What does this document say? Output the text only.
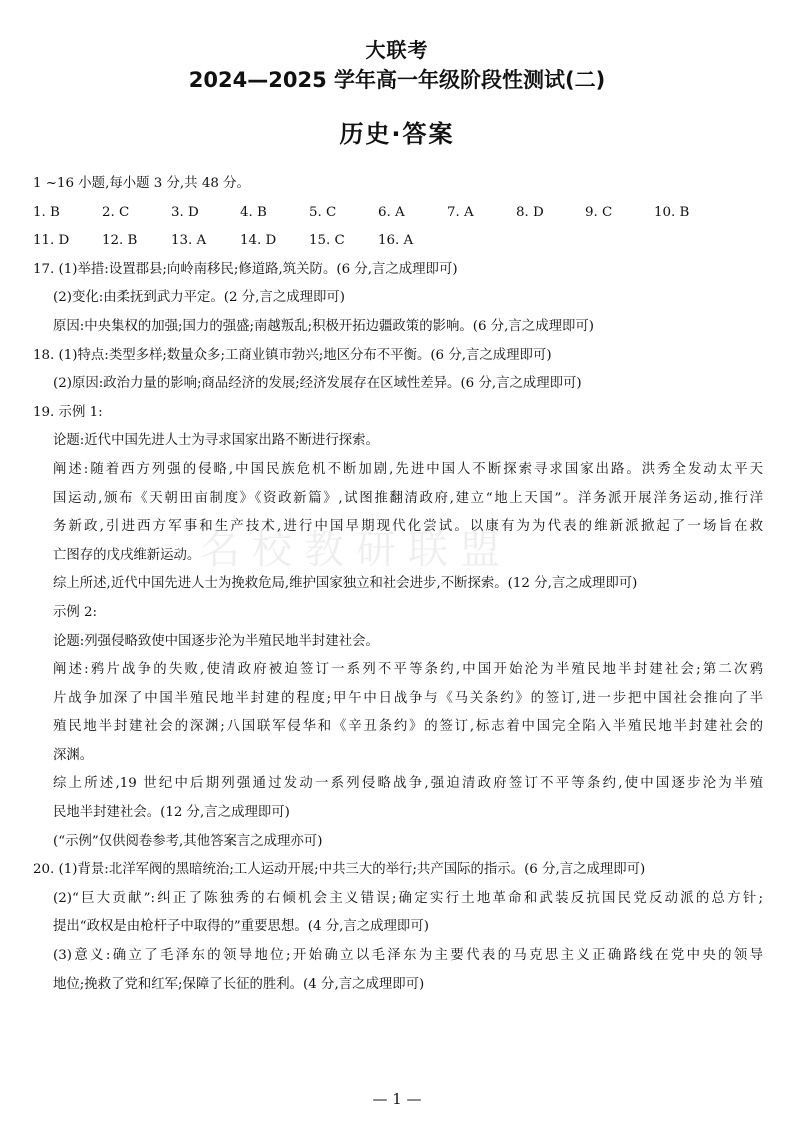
大联考
2024—2025 学年高一年级阶段性测试(二)
历史·答案
名校教研联盟
1 ~16 小题,每小题 3 分,共 48 分。
1. B	2. C	3. D	4. B	5. C	6. A	7. A	8. D	9. C	10. B
11. D	12. B	13. A	14. D	15. C	16. A
17. (1)举措:设置郡县;向岭南移民;修道路,筑关防。(6 分,言之成理即可)
(2)变化:由柔抚到武力平定。(2 分,言之成理即可)
原因:中央集权的加强;国力的强盛;南越叛乱;积极开拓边疆政策的影响。(6 分,言之成理即可)
18. (1)特点:类型多样;数量众多;工商业镇市勃兴;地区分布不平衡。(6 分,言之成理即可)
(2)原因:政治力量的影响;商品经济的发展;经济发展存在区域性差异。(6 分,言之成理即可)
19. 示例 1:
论题:近代中国先进人士为寻求国家出路不断进行探索。
阐述:随着西方列强的侵略,中国民族危机不断加剧,先进中国人不断探索寻求国家出路。洪秀全发动太平天
国运动,颁布《天朝田亩制度》《资政新篇》,试图推翻清政府,建立“地上天国”。洋务派开展洋务运动,推行洋
务新政,引进西方军事和生产技术,进行中国早期现代化尝试。以康有为为代表的维新派掀起了一场旨在救
亡图存的戊戌维新运动。
综上所述,近代中国先进人士为挽救危局,维护国家独立和社会进步,不断探索。(12 分,言之成理即可)
示例 2:
论题:列强侵略致使中国逐步沦为半殖民地半封建社会。
阐述:鸦片战争的失败,使清政府被迫签订一系列不平等条约,中国开始沦为半殖民地半封建社会;第二次鸦
片战争加深了中国半殖民地半封建的程度;甲午中日战争与《马关条约》的签订,进一步把中国社会推向了半
殖民地半封建社会的深渊;八国联军侵华和《辛丑条约》的签订,标志着中国完全陷入半殖民地半封建社会的
深渊。
综上所述,19 世纪中后期列强通过发动一系列侵略战争,强迫清政府签订不平等条约,使中国逐步沦为半殖
民地半封建社会。(12 分,言之成理即可)
(“示例”仅供阅卷参考,其他答案言之成理亦可)
20. (1)背景:北洋军阀的黑暗统治;工人运动开展;中共三大的举行;共产国际的指示。(6 分,言之成理即可)
(2)“巨大贡献”:纠正了陈独秀的右倾机会主义错误;确定实行土地革命和武装反抗国民党反动派的总方针;
提出“政权是由枪杆子中取得的”重要思想。(4 分,言之成理即可)
(3)意义:确立了毛泽东的领导地位;开始确立以毛泽东为主要代表的马克思主义正确路线在党中央的领导
地位;挽救了党和红军;保障了长征的胜利。(4 分,言之成理即可)
— 1 —
